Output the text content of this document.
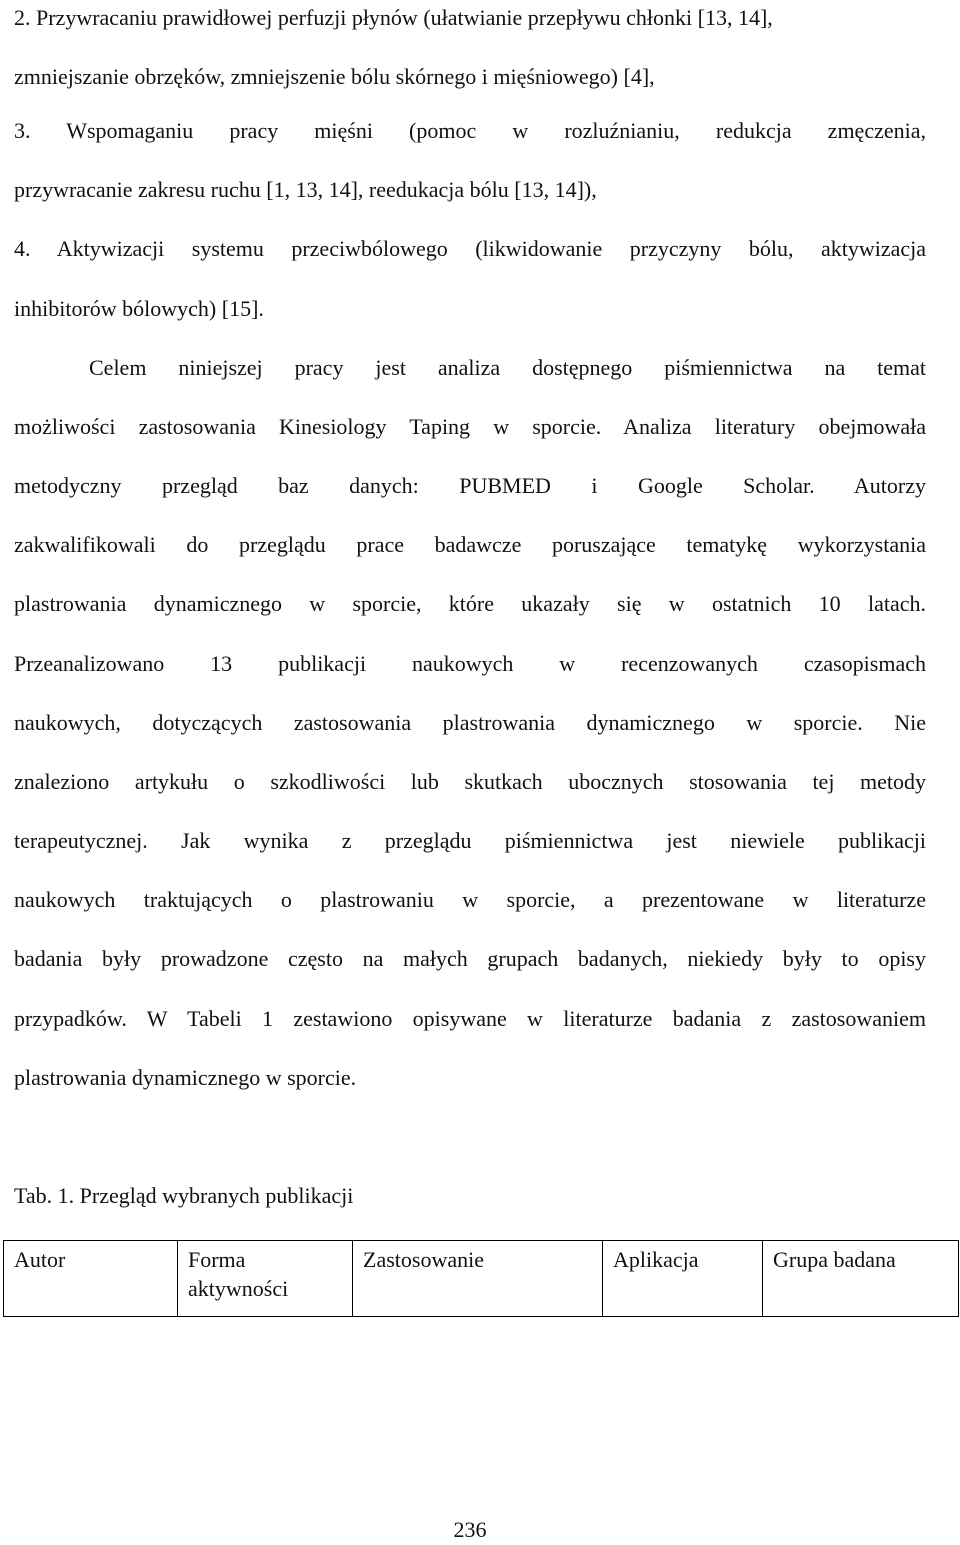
2. Przywracaniu prawidłowej perfuzji płynów (ułatwianie przepływu chłonki [13, 14],
zmniejszanie obrzęków, zmniejszenie bólu skórnego i mięśniowego) [4],
3. Wspomaganiu pracy mięśni (pomoc w rozluźnianiu, redukcja zmęczenia,
przywracanie zakresu ruchu [1, 13, 14], reedukacja bólu [13, 14]),
4. Aktywizacji systemu przeciwbólowego (likwidowanie przyczyny bólu, aktywizacja
inhibitorów bólowych) [15].
Celem niniejszej pracy jest analiza dostępnego piśmiennictwa na temat
możliwości zastosowania Kinesiology Taping w sporcie. Analiza literatury obejmowała
metodyczny przegląd baz danych: PUBMED i Google Scholar. Autorzy
zakwalifikowali do przeglądu prace badawcze poruszające tematykę wykorzystania
plastrowania dynamicznego w sporcie, które ukazały się w ostatnich 10 latach.
Przeanalizowano 13 publikacji naukowych w recenzowanych czasopismach
naukowych, dotyczących zastosowania plastrowania dynamicznego w sporcie. Nie
znaleziono artykułu o szkodliwości lub skutkach ubocznych stosowania tej metody
terapeutycznej. Jak wynika z przeglądu piśmiennictwa jest niewiele publikacji
naukowych traktujących o plastrowaniu w sporcie, a prezentowane w literaturze
badania były prowadzone często na małych grupach badanych, niekiedy były to opisy
przypadków. W Tabeli 1 zestawiono opisywane w literaturze badania z zastosowaniem
plastrowania dynamicznego w sporcie.
Tab. 1. Przegląd wybranych publikacji
Autor	Forma aktywności	Zastosowanie	Aplikacja	Grupa badana
236
